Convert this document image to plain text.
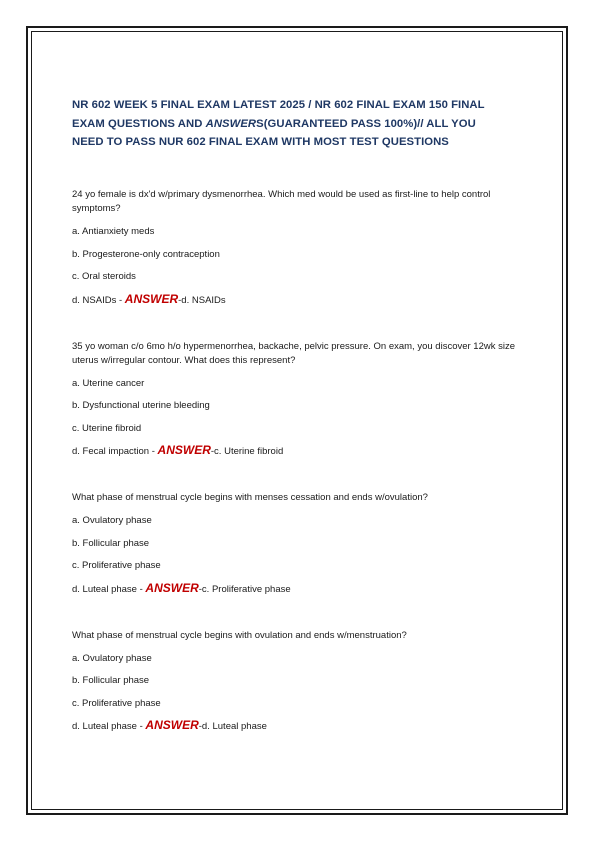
NR 602 WEEK 5 FINAL EXAM LATEST 2025 / NR 602 FINAL EXAM 150 FINAL
EXAM QUESTIONS AND ANSWERS(GUARANTEED PASS 100%)// ALL YOU
NEED TO PASS NUR 602 FINAL EXAM WITH MOST TEST QUESTIONS

24 yo female is dx'd w/primary dysmenorrhea. Which med would be used as first-line to help control symptoms?

a. Antianxiety meds

b. Progesterone-only contraception

c. Oral steroids

d. NSAIDs - ANSWER-d. NSAIDs

35 yo woman c/o 6mo h/o hypermenorrhea, backache, pelvic pressure. On exam, you discover 12wk size uterus w/irregular contour. What does this represent?

a. Uterine cancer

b. Dysfunctional uterine bleeding

c. Uterine fibroid

d. Fecal impaction - ANSWER-c. Uterine fibroid

What phase of menstrual cycle begins with menses cessation and ends w/ovulation?

a. Ovulatory phase

b. Follicular phase

c. Proliferative phase

d. Luteal phase - ANSWER-c. Proliferative phase

What phase of menstrual cycle begins with ovulation and ends w/menstruation?

a. Ovulatory phase

b. Follicular phase

c. Proliferative phase

d. Luteal phase - ANSWER-d. Luteal phase
